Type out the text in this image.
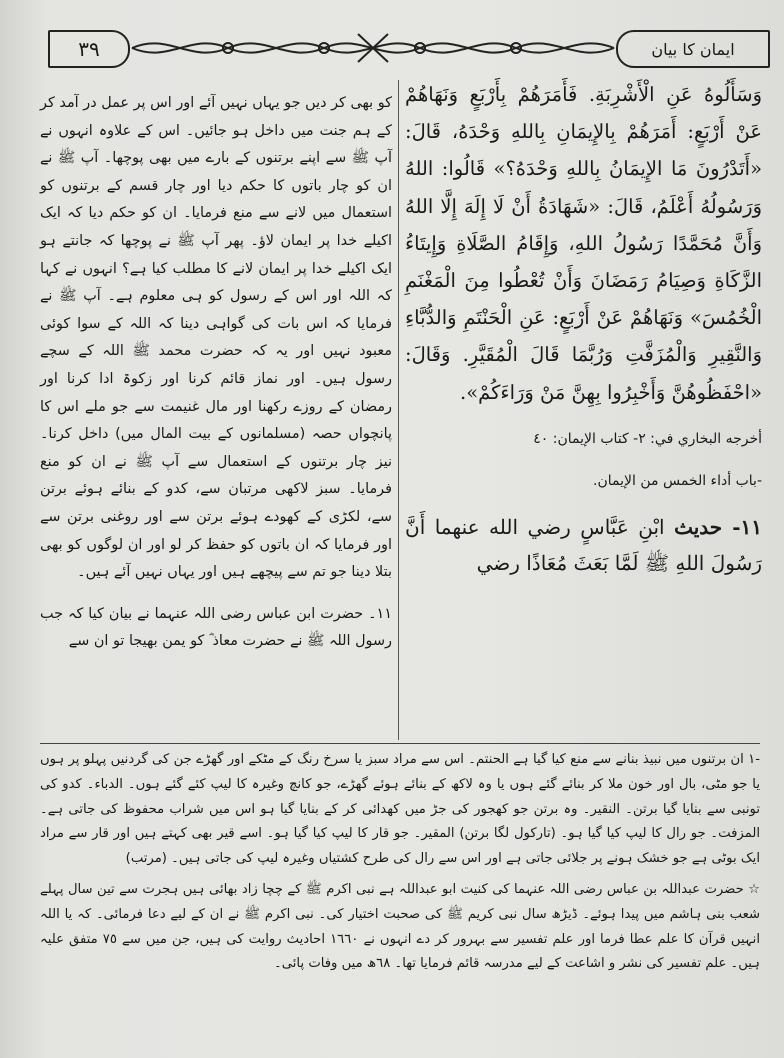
٣٩	ایمان کا بیان

وَسَأَلُوهُ عَنِ الْأَشْرِبَةِ. فَأَمَرَهُمْ بِأَرْبَعٍ وَنَهَاهُمْ عَنْ أَرْبَعٍ: أَمَرَهُمْ بِالإِيمَانِ بِاللهِ وَحْدَهُ، قَالَ: «أَتَدْرُونَ مَا الإِيمَانُ بِاللهِ وَحْدَهُ؟» قَالُوا: اللهُ وَرَسُولُهُ أَعْلَمُ، قَالَ: «شَهَادَةُ أَنْ لَا إِلَهَ إِلَّا اللهُ وَأَنَّ مُحَمَّدًا رَسُولُ اللهِ، وَإِقَامُ الصَّلَاةِ وَإِيتَاءُ الزَّكَاةِ وَصِيَامُ رَمَضَانَ وَأَنْ تُعْطُوا مِنَ الْمَغْنَمِ الْخُمُسَ» وَنَهَاهُمْ عَنْ أَرْبَعٍ: عَنِ الْحَنْتَمِ وَالدُّبَّاءِ وَالنَّقِيرِ وَالْمُزَفَّتِ وَرُبَّمَا قَالَ الْمُقَيَّرِ. وَقَالَ: «احْفَظُوهُنَّ وَأَخْبِرُوا بِهِنَّ مَنْ وَرَاءَكُمْ».

أخرجه البخاري في: ٢- كتاب الإيمان: ٤٠

-باب أداء الخمس من الإيمان.

١١- حديث ابْنِ عَبَّاسٍ رضي الله عنهما أَنَّ رَسُولَ اللهِ ﷺ لَمَّا بَعَثَ مُعَاذًا رضي

کو بھی کر دیں جو یہاں نہیں آئے اور اس پر عمل در آمد کر کے ہم جنت میں داخل ہو جائیں۔ اس کے علاوہ انہوں نے آپ ﷺ سے اپنے برتنوں کے بارے میں بھی پوچھا۔ آپ ﷺ نے ان کو چار باتوں کا حکم دیا اور چار قسم کے برتنوں کو استعمال میں لانے سے منع فرمایا۔ ان کو حکم دیا کہ ایک اکیلے خدا پر ایمان لاؤ۔ پھر آپ ﷺ نے پوچھا کہ جانتے ہو ایک اکیلے خدا پر ایمان لانے کا مطلب کیا ہے؟ انہوں نے کہا کہ اللہ اور اس کے رسول کو ہی معلوم ہے۔ آپ ﷺ نے فرمایا کہ اس بات کی گواہی دینا کہ اللہ کے سوا کوئی معبود نہیں اور یہ کہ حضرت محمد ﷺ اللہ کے سچے رسول ہیں۔ اور نماز قائم کرنا اور زکوۃ ادا کرنا اور رمضان کے روزے رکھنا اور مال غنیمت سے جو ملے اس کا پانچواں حصہ (مسلمانوں کے بیت المال میں) داخل کرنا۔ نیز چار برتنوں کے استعمال سے آپ ﷺ نے ان کو منع فرمایا۔ سبز لاکھی مرتبان سے، کدو کے بنائے ہوئے برتن سے، لکڑی کے کھودے ہوئے برتن سے اور روغنی برتن سے اور فرمایا کہ ان باتوں کو حفظ کر لو اور ان لوگوں کو بھی بتلا دینا جو تم سے پیچھے ہیں اور یہاں نہیں آئے ہیں۔

١١۔ حضرت ابن عباس رضی اللہ عنہما نے بیان کیا کہ جب رسول اللہ ﷺ نے حضرت معاذ ؓ کو یمن بھیجا تو ان سے

-١ ان برتنوں میں نبیذ بنانے سے منع کیا گیا ہے الحنتم۔ اس سے مراد سبز یا سرخ رنگ کے مٹکے اور گھڑے جن کی گردنیں پہلو پر ہوں یا جو مٹی، بال اور خون ملا کر بنائے گئے ہوں یا وہ لاکھ کے بنائے ہوئے گھڑے، جو کانچ وغیرہ کا لیپ کئے گئے ہوں۔ الدباء۔ کدو کی تونبی سے بنایا گیا برتن۔ النقیر۔ وہ برتن جو کھجور کی جڑ میں کھدائی کر کے بنایا گیا ہو اس میں شراب محفوظ کی جاتی ہے۔ المزفت۔ جو رال کا لیپ کیا گیا ہو۔ (تارکول لگا برتن) المقیر۔ جو قار کا لیپ کیا گیا ہو۔ اسے قیر بھی کہتے ہیں اور قار سے مراد ایک بوٹی ہے جو خشک ہونے پر جلائی جاتی ہے اور اس سے رال کی طرح کشتیاں وغیرہ لیپ کی جاتی ہیں۔ (مرتب)

☆ حضرت عبداللہ بن عباس رضی اللہ عنہما کی کنیت ابو عبداللہ ہے نبی اکرم ﷺ کے چچا زاد بھائی ہیں ہجرت سے تین سال پہلے شعب بنی ہاشم میں پیدا ہوئے۔ ڈیڑھ سال نبی کریم ﷺ کی صحبت اختیار کی۔ نبی اکرم ﷺ نے ان کے لیے دعا فرمائی۔ کہ یا اللہ انہیں قرآن کا علم عطا فرما اور علم تفسیر سے بہرور کر دے انہوں نے ١٦٦٠ احادیث روایت کی ہیں، جن میں سے ٧٥ متفق علیہ ہیں۔ علم تفسیر کی نشر و اشاعت کے لیے مدرسہ قائم فرمایا تھا۔ ٦٨ھ میں وفات پائی۔
